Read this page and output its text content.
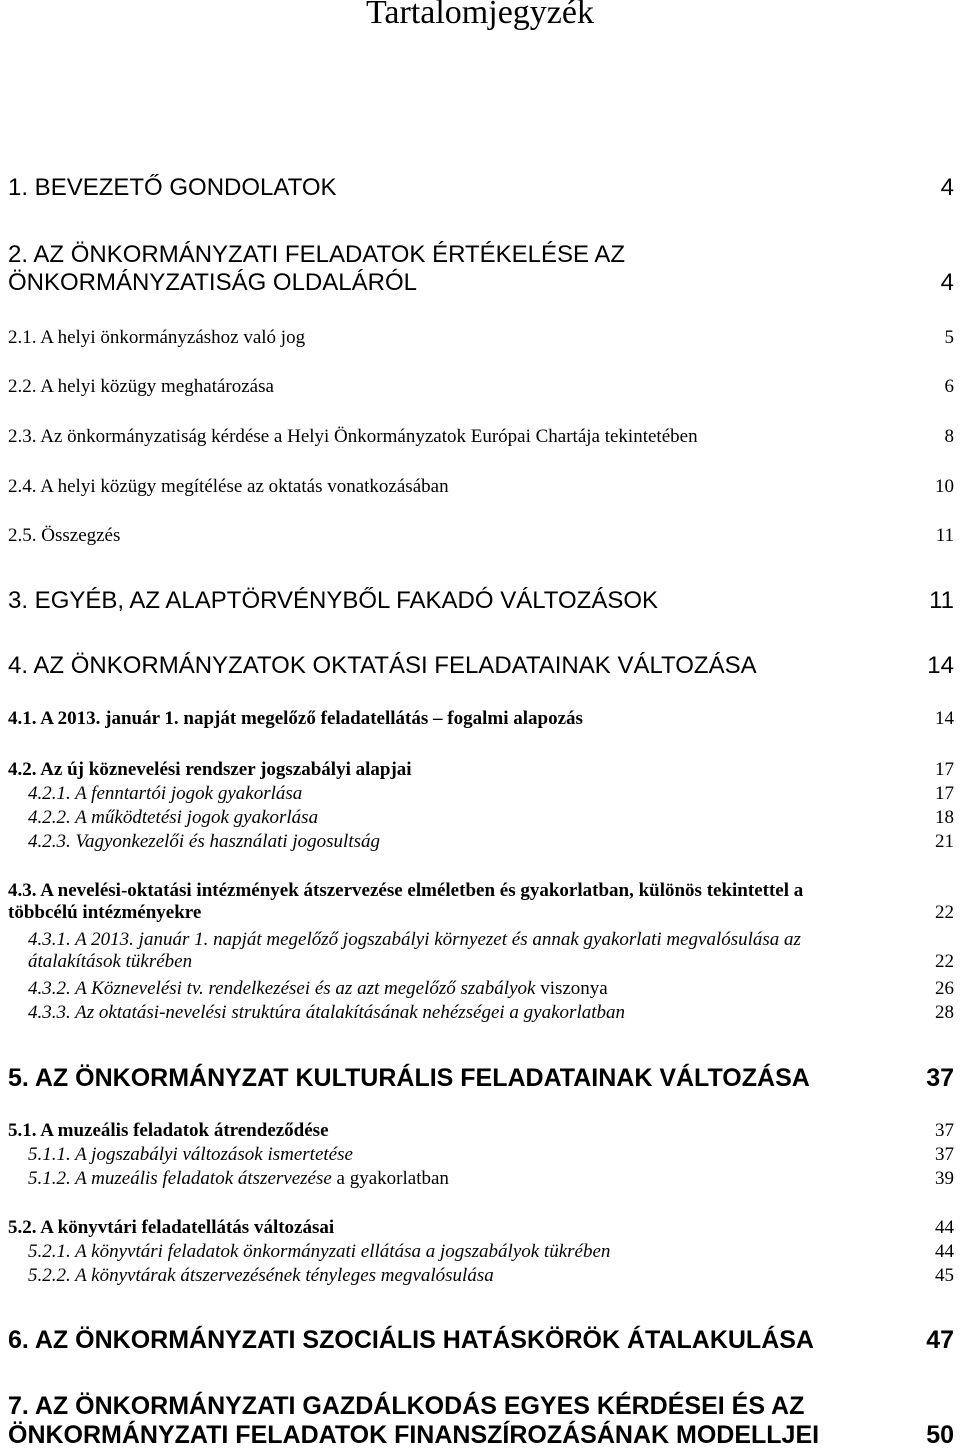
Tartalomjegyzék
1. BEVEZETŐ GONDOLATOK	4
2. AZ ÖNKORMÁNYZATI FELADATOK ÉRTÉKELÉSE AZ
ÖNKORMÁNYZATISÁG OLDALÁRÓL	4
2.1. A helyi önkormányzáshoz való jog	5
2.2. A helyi közügy meghatározása	6
2.3. Az önkormányzatiság kérdése a Helyi Önkormányzatok Európai Chartája tekintetében	8
2.4. A helyi közügy megítélése az oktatás vonatkozásában	10
2.5. Összegzés	11
3. EGYÉB, AZ ALAPTÖRVÉNYBŐL FAKADÓ VÁLTOZÁSOK	11
4. AZ ÖNKORMÁNYZATOK OKTATÁSI FELADATAINAK VÁLTOZÁSA	14
4.1. A 2013. január 1. napját megelőző feladatellátás – fogalmi alapozás	14
4.2. Az új köznevelési rendszer jogszabályi alapjai	17
4.2.1. A fenntartói jogok gyakorlása	17
4.2.2. A működtetési jogok gyakorlása	18
4.2.3. Vagyonkezelői és használati jogosultság	21
4.3. A nevelési-oktatási intézmények átszervezése elméletben és gyakorlatban, különös tekintettel a
többcélú intézményekre	22
4.3.1. A 2013. január 1. napját megelőző jogszabályi környezet és annak gyakorlati megvalósulása az
átalakítások tükrében	22
4.3.2. A Köznevelési tv. rendelkezései és az azt megelőző szabályok viszonya	26
4.3.3. Az oktatási-nevelési struktúra átalakításának nehézségei a gyakorlatban	28
5. AZ ÖNKORMÁNYZAT KULTURÁLIS FELADATAINAK VÁLTOZÁSA	37
5.1. A muzeális feladatok átrendeződése	37
5.1.1. A jogszabályi változások ismertetése	37
5.1.2. A muzeális feladatok átszervezése a gyakorlatban	39
5.2. A könyvtári feladatellátás változásai	44
5.2.1. A könyvtári feladatok önkormányzati ellátása a jogszabályok tükrében	44
5.2.2. A könyvtárak átszervezésének tényleges megvalósulása	45
6. AZ ÖNKORMÁNYZATI SZOCIÁLIS HATÁSKÖRÖK ÁTALAKULÁSA	47
7. AZ ÖNKORMÁNYZATI GAZDÁLKODÁS EGYES KÉRDÉSEI ÉS AZ
ÖNKORMÁNYZATI FELADATOK FINANSZÍROZÁSÁNAK MODELLJEI	50
